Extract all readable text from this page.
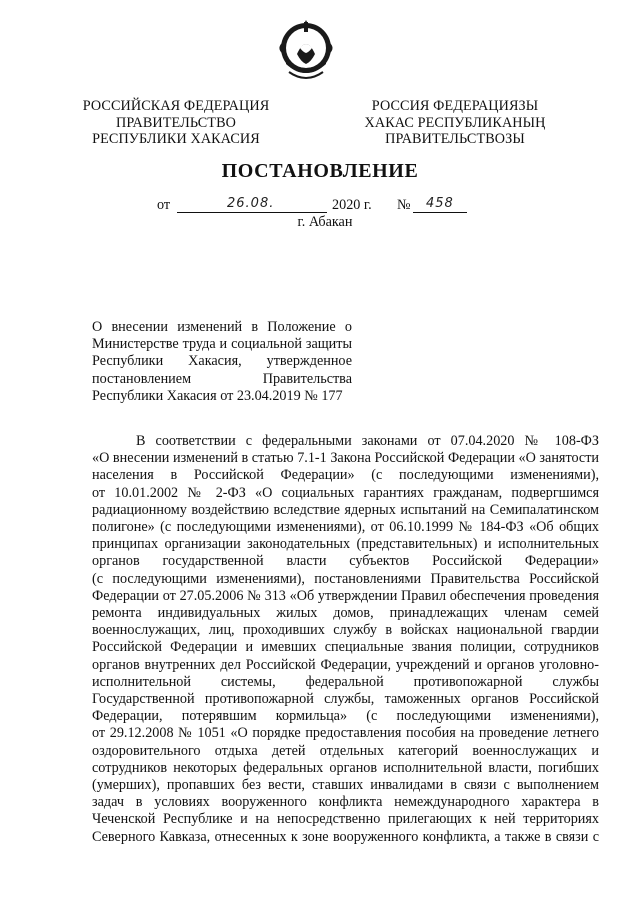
РОССИЙСКАЯ ФЕДЕРАЦИЯ
ПРАВИТЕЛЬСТВО
РЕСПУБЛИКИ ХАКАСИЯ
РОССИЯ ФЕДЕРАЦИЯЗЫ
ХАКАС РЕСПУБЛИКАНЫҢ
ПРАВИТЕЛЬСТВОЗЫ
ПОСТАНОВЛЕНИЕ
от	26.08.	2020 г. № 458
г. Абакан
О внесении изменений в Положение о
Министерстве труда и социальной защиты
Республики Хакасия, утвержденное
постановлением Правительства
Республики Хакасия от 23.04.2019 № 177
В соответствии с федеральными законами от 07.04.2020 № 108-ФЗ
«О внесении изменений в статью 7.1-1 Закона Российской Федерации «О занятости
населения в Российской Федерации» (с последующими изменениями),
от 10.01.2002 № 2-ФЗ «О социальных гарантиях гражданам, подвергшимся
радиационному воздействию вследствие ядерных испытаний на Семипалатинском
полигоне» (с последующими изменениями), от 06.10.1999 № 184-ФЗ «Об общих
принципах организации законодательных (представительных) и исполнительных
органов государственной власти субъектов Российской Федерации»
(с последующими изменениями), постановлениями Правительства Российской
Федерации от 27.05.2006 № 313 «Об утверждении Правил обеспечения проведения
ремонта индивидуальных жилых домов, принадлежащих членам семей
военнослужащих, лиц, проходивших службу в войсках национальной гвардии
Российской Федерации и имевших специальные звания полиции, сотрудников
органов внутренних дел Российской Федерации, учреждений и органов уголовно-
исполнительной системы, федеральной противопожарной службы
Государственной противопожарной службы, таможенных органов Российской
Федерации, потерявшим кормильца» (с последующими изменениями),
от 29.12.2008 № 1051 «О порядке предоставления пособия на проведение летнего
оздоровительного отдыха детей отдельных категорий военнослужащих и
сотрудников некоторых федеральных органов исполнительной власти, погибших
(умерших), пропавших без вести, ставших инвалидами в связи с выполнением
задач в условиях вооруженного конфликта немеждународного характера в
Чеченской Республике и на непосредственно прилегающих к ней территориях
Северного Кавказа, отнесенных к зоне вооруженного конфликта, а также в связи с
